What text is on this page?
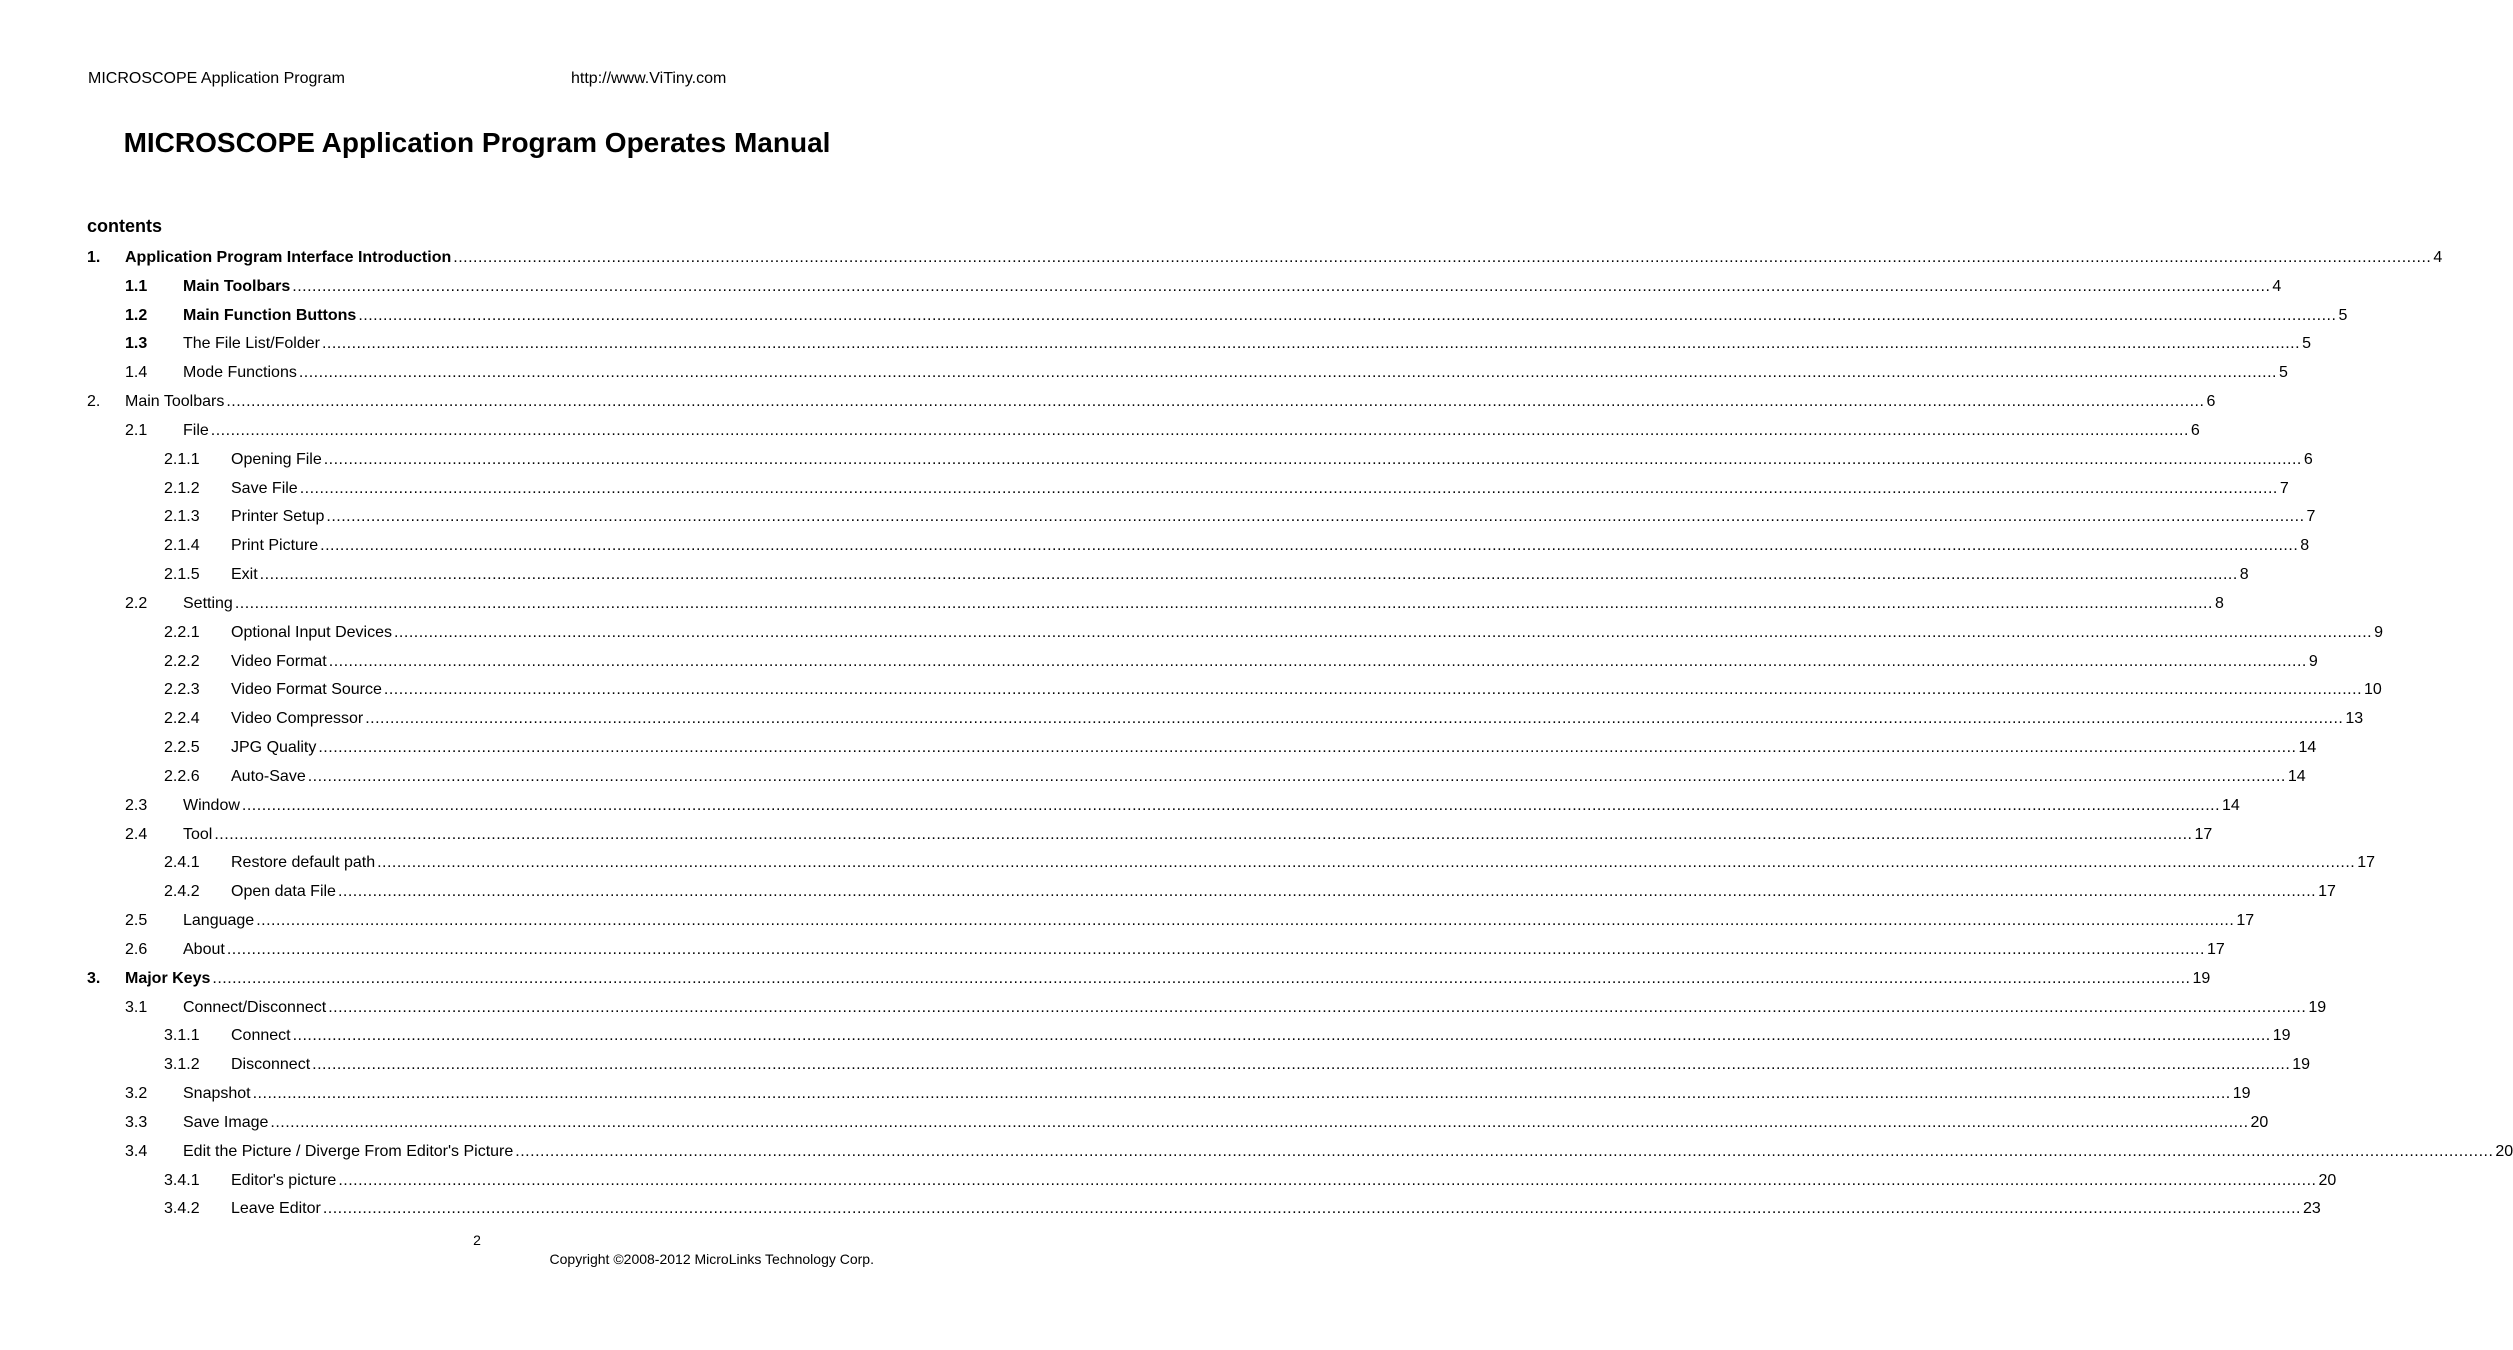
MICROSCOPE Application Program	http://www.ViTiny.com
MICROSCOPE Application Program Operates Manual
contents
1. Application Program Interface Introduction ................................................................................................................................................................................................................................................................................................................................................................................................................ 4
1.1 Main Toolbars ................................................................................................................................................................................................................................................................................................................................................................................................................ 4
1.2 Main Function Buttons ................................................................................................................................................................................................................................................................................................................................................................................................................ 5
1.3 The File List/Folder ................................................................................................................................................................................................................................................................................................................................................................................................................ 5
1.4 Mode Functions ................................................................................................................................................................................................................................................................................................................................................................................................................ 5
2. Main Toolbars ................................................................................................................................................................................................................................................................................................................................................................................................................ 6
2.1 File ................................................................................................................................................................................................................................................................................................................................................................................................................ 6
2.1.1 Opening File ................................................................................................................................................................................................................................................................................................................................................................................................................ 6
2.1.2 Save File ................................................................................................................................................................................................................................................................................................................................................................................................................ 7
2.1.3 Printer Setup ................................................................................................................................................................................................................................................................................................................................................................................................................ 7
2.1.4 Print Picture ................................................................................................................................................................................................................................................................................................................................................................................................................ 8
2.1.5 Exit ................................................................................................................................................................................................................................................................................................................................................................................................................ 8
2.2 Setting ................................................................................................................................................................................................................................................................................................................................................................................................................ 8
2.2.1 Optional Input Devices ................................................................................................................................................................................................................................................................................................................................................................................................................ 9
2.2.2 Video Format ................................................................................................................................................................................................................................................................................................................................................................................................................ 9
2.2.3 Video Format Source ................................................................................................................................................................................................................................................................................................................................................................................................................ 10
2.2.4 Video Compressor ................................................................................................................................................................................................................................................................................................................................................................................................................ 13
2.2.5 JPG Quality ................................................................................................................................................................................................................................................................................................................................................................................................................ 14
2.2.6 Auto-Save ................................................................................................................................................................................................................................................................................................................................................................................................................ 14
2.3 Window ................................................................................................................................................................................................................................................................................................................................................................................................................ 14
2.4 Tool ................................................................................................................................................................................................................................................................................................................................................................................................................ 17
2.4.1 Restore default path ................................................................................................................................................................................................................................................................................................................................................................................................................ 17
2.4.2 Open data File ................................................................................................................................................................................................................................................................................................................................................................................................................ 17
2.5 Language ................................................................................................................................................................................................................................................................................................................................................................................................................ 17
2.6 About ................................................................................................................................................................................................................................................................................................................................................................................................................ 17
3. Major Keys ................................................................................................................................................................................................................................................................................................................................................................................................................ 19
3.1 Connect/Disconnect ................................................................................................................................................................................................................................................................................................................................................................................................................ 19
3.1.1 Connect ................................................................................................................................................................................................................................................................................................................................................................................................................ 19
3.1.2 Disconnect ................................................................................................................................................................................................................................................................................................................................................................................................................ 19
3.2 Snapshot ................................................................................................................................................................................................................................................................................................................................................................................................................ 19
3.3 Save Image ................................................................................................................................................................................................................................................................................................................................................................................................................ 20
3.4 Edit the Picture / Diverge From Editor's Picture ................................................................................................................................................................................................................................................................................................................................................................................................................ 20
3.4.1 Editor's picture ................................................................................................................................................................................................................................................................................................................................................................................................................ 20
3.4.2 Leave Editor ................................................................................................................................................................................................................................................................................................................................................................................................................ 23
2
Copyright ©2008-2012 MicroLinks Technology Corp.
